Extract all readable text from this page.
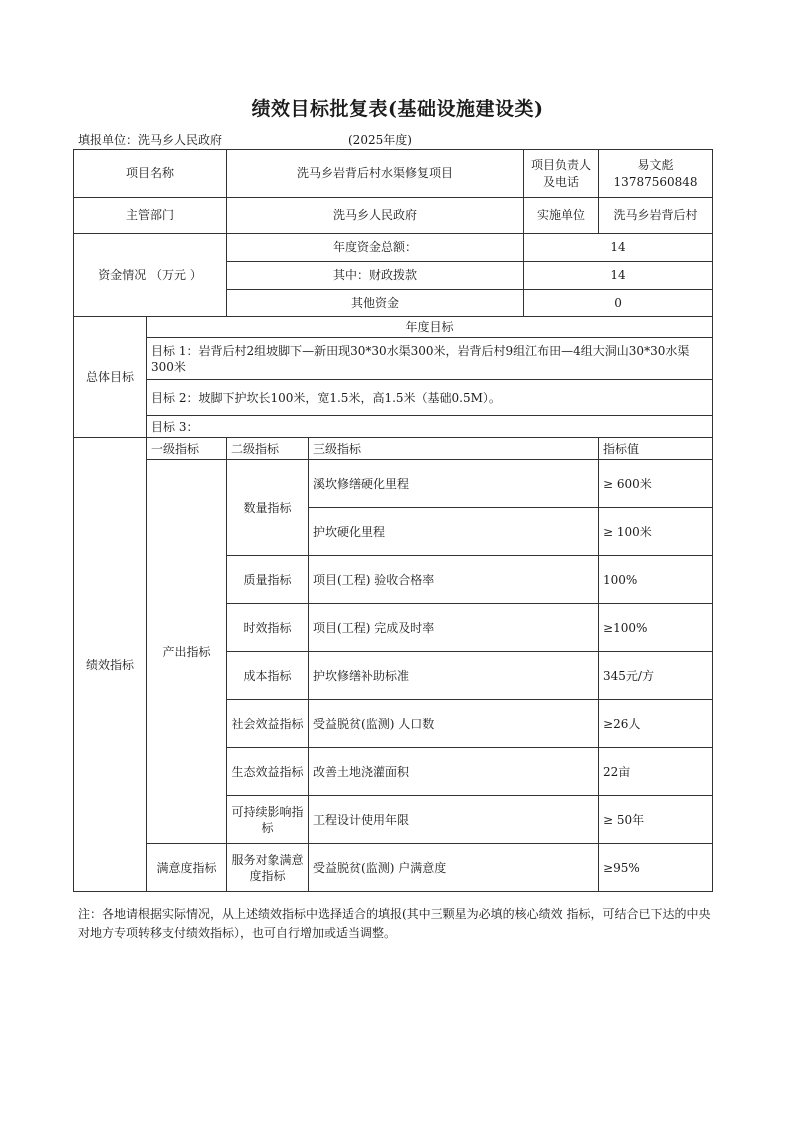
绩效目标批复表(基础设施建设类)
填报单位：洗马乡人民政府	(2025年度)
项目名称		洗马乡岩背后村水渠修复项目		项目负责人及电话	易文彪13787560848
主管部门		洗马乡人民政府		实施单位	洗马乡岩背后村
资金情况 （万元 ）		年度资金总额：		14	
		其中：财政拨款		14	
		其他资金		0	
总体目标	年度目标				
	目标 1：岩背后村2组坡脚下—新田现30*30水渠300米，岩背后村9组江布田—4组大洞山30*30水渠300米				
	目标 2：坡脚下护坎长100米，宽1.5米，高1.5米（基础0.5M）。				
	目标 3：				
绩效指标	一级指标	二级指标	三级指标		指标值
	产出指标	数量指标	溪坎修缮硬化里程		≥ 600米
			护坎硬化里程		≥ 100米
		质量指标	项目(工程) 验收合格率		100%
		时效指标	项目(工程) 完成及时率		≥100%
		成本指标	护坎修缮补助标准		345元/方
		社会效益指标	受益脱贫(监测) 人口数		≥26人
		生态效益指标	改善土地浇灌面积		22亩
		可持续影响指标	工程设计使用年限		≥ 50年
	满意度指标	服务对象满意度指标	受益脱贫(监测) 户满意度		≥95%
注：各地请根据实际情况，从上述绩效指标中选择适合的填报(其中三颗星为必填的核心绩效 指标，可结合已下达的中央对地方专项转移支付绩效指标），也可自行增加或适当调整。
